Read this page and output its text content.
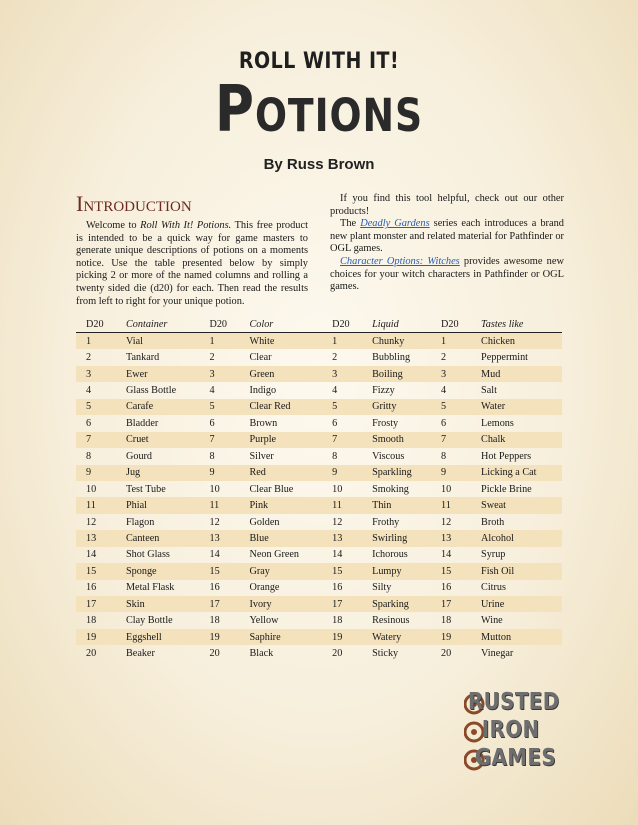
ROLL WITH IT!
Potions
By Russ Brown
Introduction

Welcome to Roll With It! Potions. This free product is intended to be a quick way for game masters to generate unique descriptions of potions on a moments notice. Use the table presented below by simply picking 2 or more of the named columns and rolling a twenty sided die (d20) for each. Then read the results from left to right for your unique potion.

If you find this tool helpful, check out our other products!

The Deadly Gardens series each introduces a brand new plant monster and related material for Pathfinder or OGL games.

Character Options: Witches provides awesome new choices for your witch characters in Pathfinder or OGL games.

D20	Container	D20	Color	D20	Liquid	D20	Tastes like
1	Vial	1	White	1	Chunky	1	Chicken
2	Tankard	2	Clear	2	Bubbling	2	Peppermint
3	Ewer	3	Green	3	Boiling	3	Mud
4	Glass Bottle	4	Indigo	4	Fizzy	4	Salt
5	Carafe	5	Clear Red	5	Gritty	5	Water
6	Bladder	6	Brown	6	Frosty	6	Lemons
7	Cruet	7	Purple	7	Smooth	7	Chalk
8	Gourd	8	Silver	8	Viscous	8	Hot Peppers
9	Jug	9	Red	9	Sparkling	9	Licking a Cat
10	Test Tube	10	Clear Blue	10	Smoking	10	Pickle Brine
11	Phial	11	Pink	11	Thin	11	Sweat
12	Flagon	12	Golden	12	Frothy	12	Broth
13	Canteen	13	Blue	13	Swirling	13	Alcohol
14	Shot Glass	14	Neon Green	14	Ichorous	14	Syrup
15	Sponge	15	Gray	15	Lumpy	15	Fish Oil
16	Metal Flask	16	Orange	16	Silty	16	Citrus
17	Skin	17	Ivory	17	Sparking	17	Urine
18	Clay Bottle	18	Yellow	18	Resinous	18	Wine
19	Eggshell	19	Saphire	19	Watery	19	Mutton
20	Beaker	20	Black	20	Sticky	20	Vinegar
RUSTED
IRON
GAMES
